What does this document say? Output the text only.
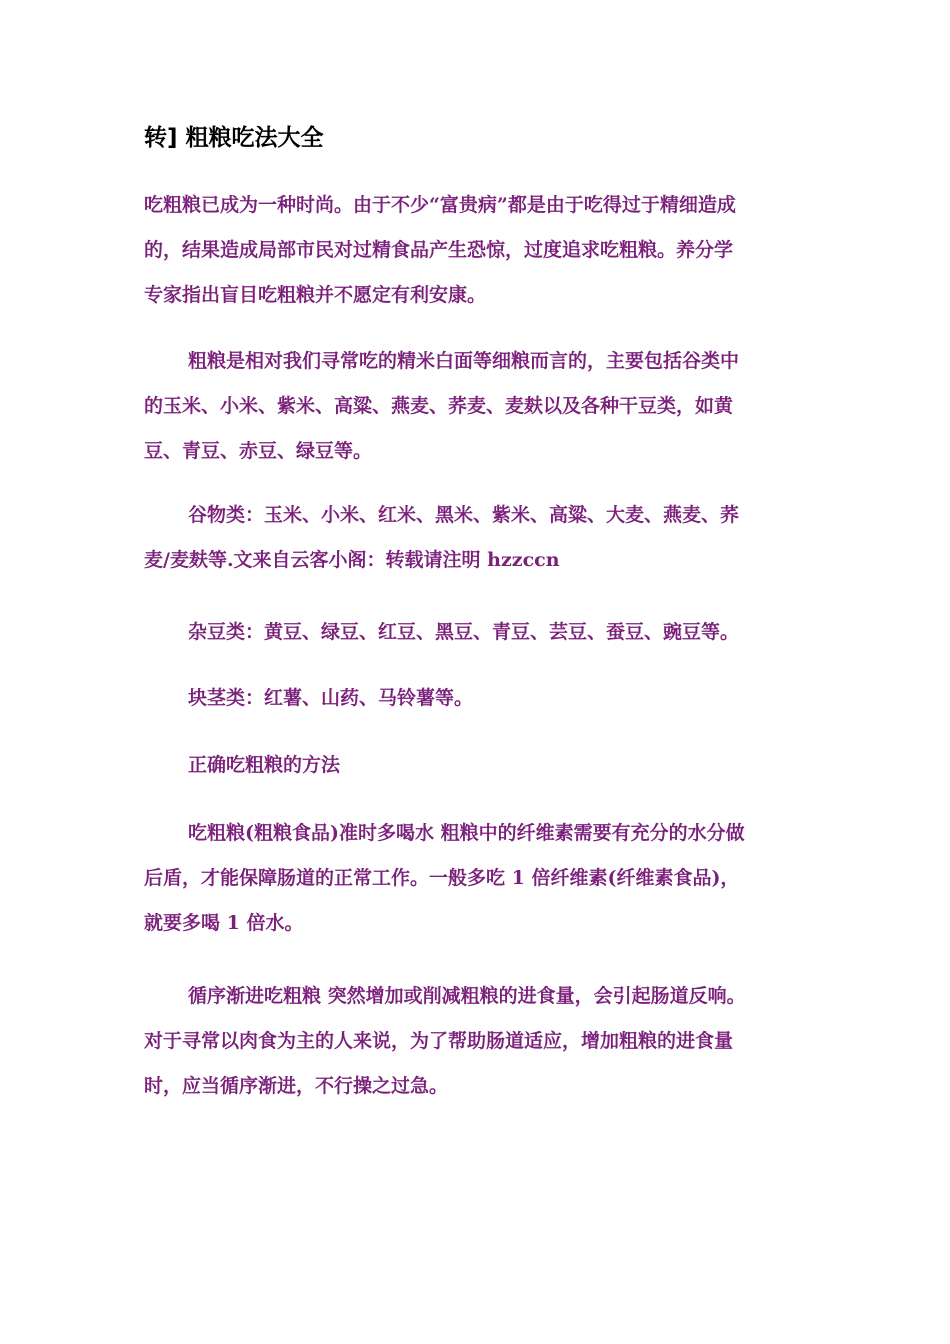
转] 粗粮吃法大全
吃粗粮已成为一种时尚。由于不少“富贵病”都是由于吃得过于精细造成
的，结果造成局部市民对过精食品产生恐惊，过度追求吃粗粮。养分学
专家指出盲目吃粗粮并不愿定有利安康。
粗粮是相对我们寻常吃的精米白面等细粮而言的，主要包括谷类中
的玉米、小米、紫米、高粱、燕麦、荞麦、麦麸以及各种干豆类，如黄
豆、青豆、赤豆、绿豆等。
谷物类：玉米、小米、红米、黑米、紫米、高粱、大麦、燕麦、荞
麦/麦麸等.文来自云客小阁：转载请注明 hzzccn
杂豆类：黄豆、绿豆、红豆、黑豆、青豆、芸豆、蚕豆、豌豆等。
块茎类：红薯、山药、马铃薯等。
正确吃粗粮的方法
吃粗粮(粗粮食品)准时多喝水 粗粮中的纤维素需要有充分的水分做
后盾，才能保障肠道的正常工作。一般多吃 1 倍纤维素(纤维素食品)，
就要多喝 1 倍水。
循序渐进吃粗粮 突然增加或削减粗粮的进食量，会引起肠道反响。
对于寻常以肉食为主的人来说，为了帮助肠道适应，增加粗粮的进食量
时，应当循序渐进，不行操之过急。
